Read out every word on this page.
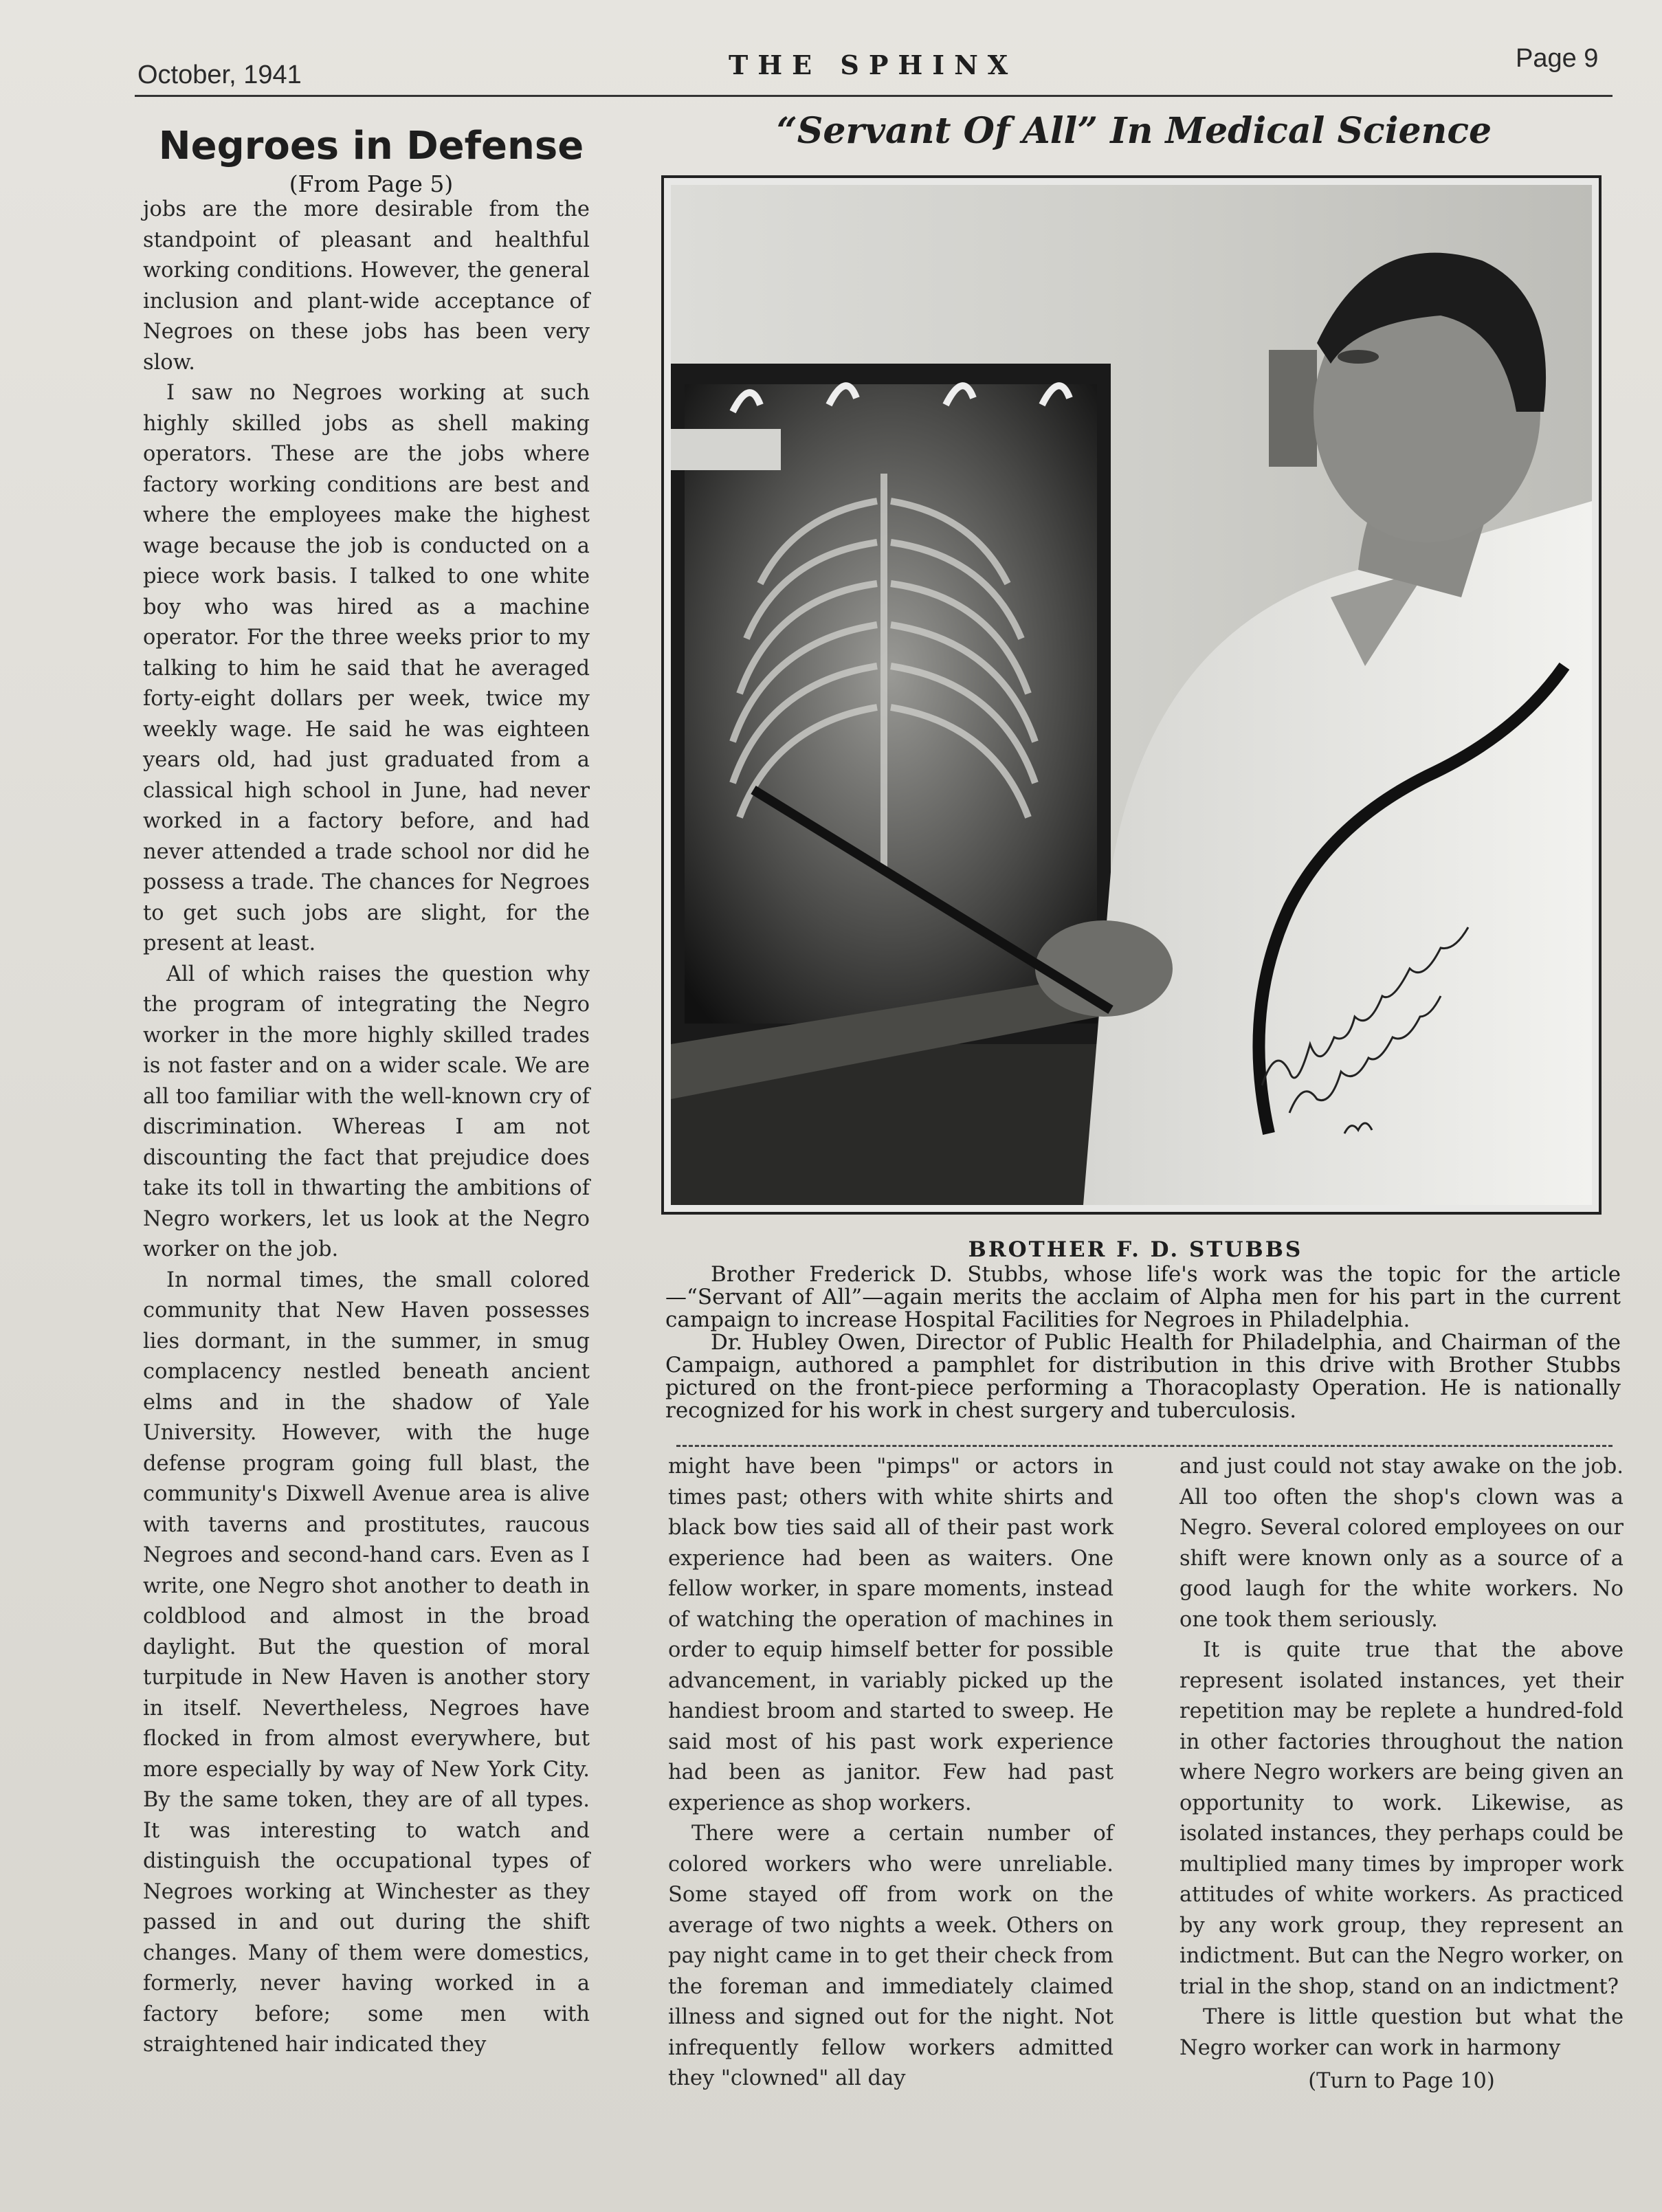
October, 1941	THE SPHINX	Page 9
Negroes in Defense
(From Page 5)
“Servant Of All” In Medical Science

jobs are the more desirable from the standpoint of pleasant and healthful working conditions. However, the general inclusion and plant-wide acceptance of Negroes on these jobs has been very slow.

I saw no Negroes working at such highly skilled jobs as shell making operators. These are the jobs where factory working conditions are best and where the employees make the highest wage because the job is conducted on a piece work basis. I talked to one white boy who was hired as a machine operator. For the three weeks prior to my talking to him he said that he averaged forty-eight dollars per week, twice my weekly wage. He said he was eighteen years old, had just graduated from a classical high school in June, had never worked in a factory before, and had never attended a trade school nor did he possess a trade. The chances for Negroes to get such jobs are slight, for the present at least.

All of which raises the question why the program of integrating the Negro worker in the more highly skilled trades is not faster and on a wider scale. We are all too familiar with the well-known cry of discrimination. Whereas I am not discounting the fact that prejudice does take its toll in thwarting the ambitions of Negro workers, let us look at the Negro worker on the job.

In normal times, the small colored community that New Haven possesses lies dormant, in the summer, in smug complacency nestled beneath ancient elms and in the shadow of Yale University. However, with the huge defense program going full blast, the community's Dixwell Avenue area is alive with taverns and prostitutes, raucous Negroes and second-hand cars. Even as I write, one Negro shot another to death in coldblood and almost in the broad daylight. But the question of moral turpitude in New Haven is another story in itself. Nevertheless, Negroes have flocked in from almost everywhere, but more especially by way of New York City. By the same token, they are of all types. It was interesting to watch and distinguish the occupational types of Negroes working at Winchester as they passed in and out during the shift changes. Many of them were domestics, formerly, never having worked in a factory before; some men with straightened hair indicated they

BROTHER F. D. STUBBS

Brother Frederick D. Stubbs, whose life's work was the topic for the article—“Servant of All”—again merits the acclaim of Alpha men for his part in the current campaign to increase Hospital Facilities for Negroes in Philadelphia.

Dr. Hubley Owen, Director of Public Health for Philadelphia, and Chairman of the Campaign, authored a pamphlet for distribution in this drive with Brother Stubbs pictured on the front-piece performing a Thoracoplasty Operation. He is nationally recognized for his work in chest surgery and tuberculosis.

might have been "pimps" or actors in times past; others with white shirts and black bow ties said all of their past work experience had been as waiters. One fellow worker, in spare moments, instead of watching the operation of machines in order to equip himself better for possible advancement, in variably picked up the handiest broom and started to sweep. He said most of his past work experience had been as janitor. Few had past experience as shop workers.

There were a certain number of colored workers who were unreliable. Some stayed off from work on the average of two nights a week. Others on pay night came in to get their check from the foreman and immediately claimed illness and signed out for the night. Not infrequently fellow workers admitted they "clowned" all day

and just could not stay awake on the job. All too often the shop's clown was a Negro. Several colored employees on our shift were known only as a source of a good laugh for the white workers. No one took them seriously.

It is quite true that the above represent isolated instances, yet their repetition may be replete a hundred-fold in other factories throughout the nation where Negro workers are being given an opportunity to work. Likewise, as isolated instances, they perhaps could be multiplied many times by improper work attitudes of white workers. As practiced by any work group, they represent an indictment. But can the Negro worker, on trial in the shop, stand on an indictment?

There is little question but what the Negro worker can work in harmony

(Turn to Page 10)
